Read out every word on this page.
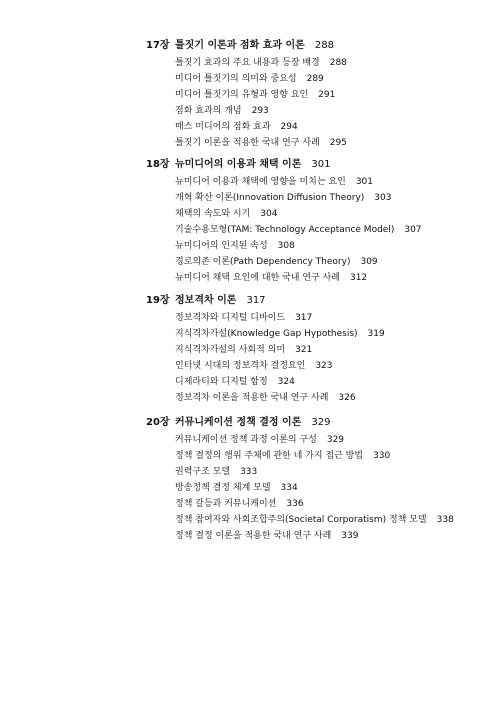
17장 틀짓기 이론과 점화 효과 이론 288
틀짓기 효과의 주요 내용과 등장 배경 288
미디어 틀짓기의 의미와 중요성 289
미디어 틀짓기의 유형과 영향 요인 291
점화 효과의 개념 293
매스 미디어의 점화 효과 294
틀짓기 이론을 적용한 국내 연구 사례 295
18장 뉴미디어의 이용과 채택 이론 301
뉴미디어 이용과 채택에 영향을 미치는 요인 301
개혁 확산 이론(Innovation Diffusion Theory) 303
채택의 속도와 시기 304
기술수용모형(TAM: Technology Acceptance Model) 307
뉴미디어의 인지된 속성 308
경로의존 이론(Path Dependency Theory) 309
뉴미디어 채택 요인에 대한 국내 연구 사례 312
19장 정보격차 이론 317
정보격차와 디지털 디바이드 317
지식격차가설(Knowledge Gap Hypothesis) 319
지식격차가설의 사회적 의미 321
인터넷 시대의 정보격차 결정요인 323
디제라티와 디지털 함정 324
정보격차 이론을 적용한 국내 연구 사례 326
20장 커뮤니케이션 정책 결정 이론 329
커뮤니케이션 정책 과정 이론의 구성 329
정책 결정의 행위 주체에 관한 네 가지 접근 방법 330
권력구조 모델 333
방송정책 결정 체계 모델 334
정책 갈등과 커뮤니케이션 336
정책 참여자와 사회조합주의(Societal Corporatism) 정책 모델 338
정책 결정 이론을 적용한 국내 연구 사례 339
